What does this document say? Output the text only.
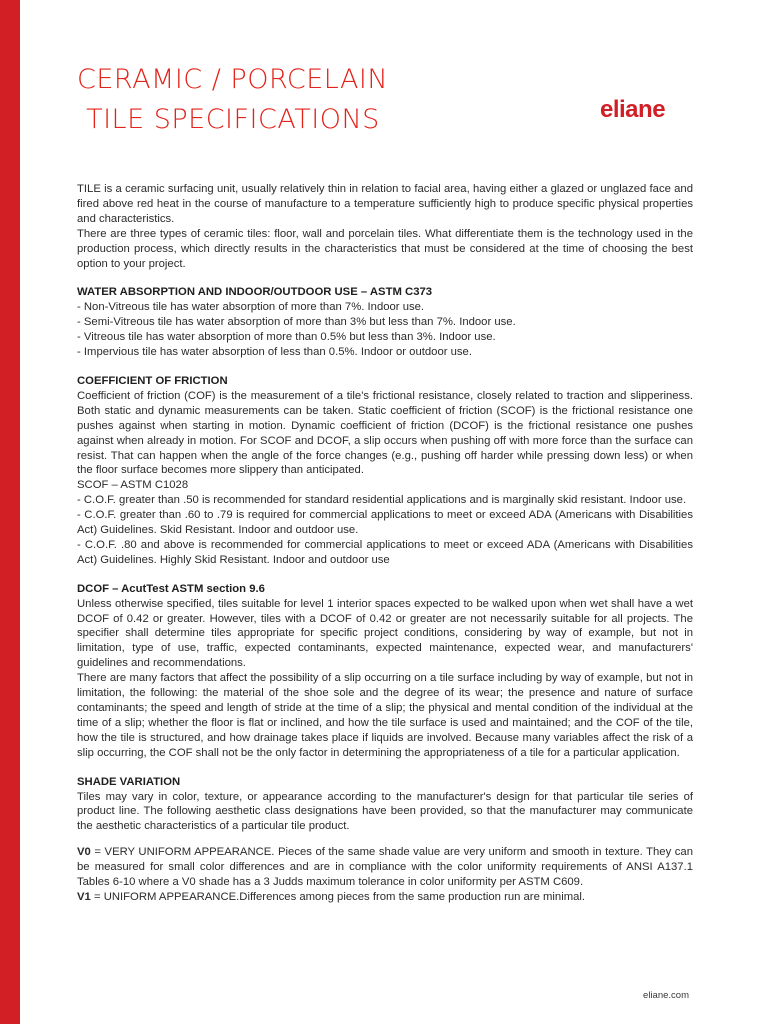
CERAMIC / PORCELAIN
TILE SPECIFICATIONS	eliane

TILE is a ceramic surfacing unit, usually relatively thin in relation to facial area, having either a glazed or unglazed face and fired above red heat in the course of manufacture to a temperature sufficiently high to produce specific physical properties and characteristics.

There are three types of ceramic tiles: floor, wall and porcelain tiles. What differentiate them is the technology used in the production process, which directly results in the characteristics that must be considered at the time of choosing the best option to your project.

WATER ABSORPTION AND INDOOR/OUTDOOR USE – ASTM C373

- Non-Vitreous tile has water absorption of more than 7%. Indoor use.

- Semi-Vitreous tile has water absorption of more than 3% but less than 7%. Indoor use.

- Vitreous tile has water absorption of more than 0.5% but less than 3%. Indoor use.

- Impervious tile has water absorption of less than 0.5%. Indoor or outdoor use.

COEFFICIENT OF FRICTION

Coefficient of friction (COF) is the measurement of a tile's frictional resistance, closely related to traction and slipperiness. Both static and dynamic measurements can be taken. Static coefficient of friction (SCOF) is the frictional resistance one pushes against when starting in motion. Dynamic coefficient of friction (DCOF) is the frictional resistance one pushes against when already in motion. For SCOF and DCOF, a slip occurs when pushing off with more force than the surface can resist. That can happen when the angle of the force changes (e.g., pushing off harder while pressing down less) or when the floor surface becomes more slippery than anticipated.

SCOF – ASTM C1028

- C.O.F. greater than .50 is recommended for standard residential applications and is marginally skid resistant. Indoor use.

- C.O.F. greater than .60 to .79 is required for commercial applications to meet or exceed ADA (Americans with Disabilities Act) Guidelines. Skid Resistant. Indoor and outdoor use.

- C.O.F. .80 and above is recommended for commercial applications to meet or exceed ADA (Americans with Disabilities Act) Guidelines. Highly Skid Resistant. Indoor and outdoor use

DCOF – AcutTest ASTM section 9.6

Unless otherwise specified, tiles suitable for level 1 interior spaces expected to be walked upon when wet shall have a wet DCOF of 0.42 or greater. However, tiles with a DCOF of 0.42 or greater are not necessarily suitable for all projects. The specifier shall determine tiles appropriate for specific project conditions, considering by way of example, but not in limitation, type of use, traffic, expected contaminants, expected maintenance, expected wear, and manufacturers' guidelines and recommendations.

There are many factors that affect the possibility of a slip occurring on a tile surface including by way of example, but not in limitation, the following: the material of the shoe sole and the degree of its wear; the presence and nature of surface contaminants; the speed and length of stride at the time of a slip; the physical and mental condition of the individual at the time of a slip; whether the floor is flat or inclined, and how the tile surface is used and maintained; and the COF of the tile, how the tile is structured, and how drainage takes place if liquids are involved. Because many variables affect the risk of a slip occurring, the COF shall not be the only factor in determining the appropriateness of a tile for a particular application.

SHADE VARIATION

Tiles may vary in color, texture, or appearance according to the manufacturer's design for that particular tile series of product line. The following aesthetic class designations have been provided, so that the manufacturer may communicate the aesthetic characteristics of a particular tile product.

V0 = VERY UNIFORM APPEARANCE. Pieces of the same shade value are very uniform and smooth in texture. They can be measured for small color differences and are in compliance with the color uniformity requirements of ANSI A137.1 Tables 6-10 where a V0 shade has a 3 Judds maximum tolerance in color uniformity per ASTM C609.

V1 = UNIFORM APPEARANCE.Differences among pieces from the same production run are minimal.

eliane.com
